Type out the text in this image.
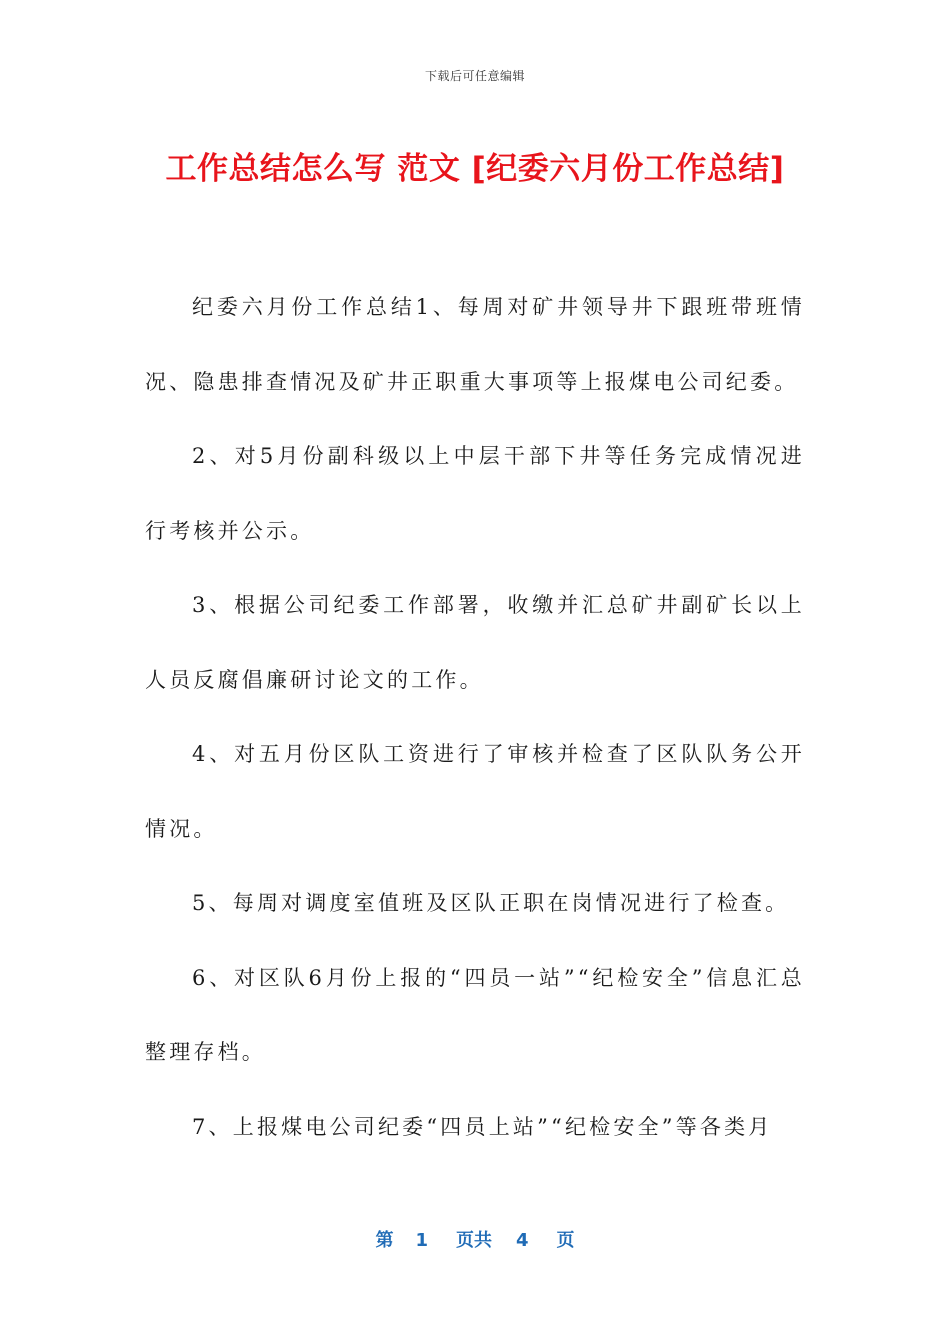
下载后可任意编辑
工作总结怎么写 范文 [纪委六月份工作总结]

纪委六月份工作总结1、每周对矿井领导井下跟班带班情况、隐患排查情况及矿井正职重大事项等上报煤电公司纪委。

2、对5月份副科级以上中层干部下井等任务完成情况进行考核并公示。

3、根据公司纪委工作部署，收缴并汇总矿井副矿长以上人员反腐倡廉研讨论文的工作。

4、对五月份区队工资进行了审核并检查了区队队务公开情况。

5、每周对调度室值班及区队正职在岗情况进行了检查。

6、对区队6月份上报的“四员一站”“纪检安全”信息汇总整理存档。

7、上报煤电公司纪委“四员上站”“纪检安全”等各类月

第 1 页共 4 页
